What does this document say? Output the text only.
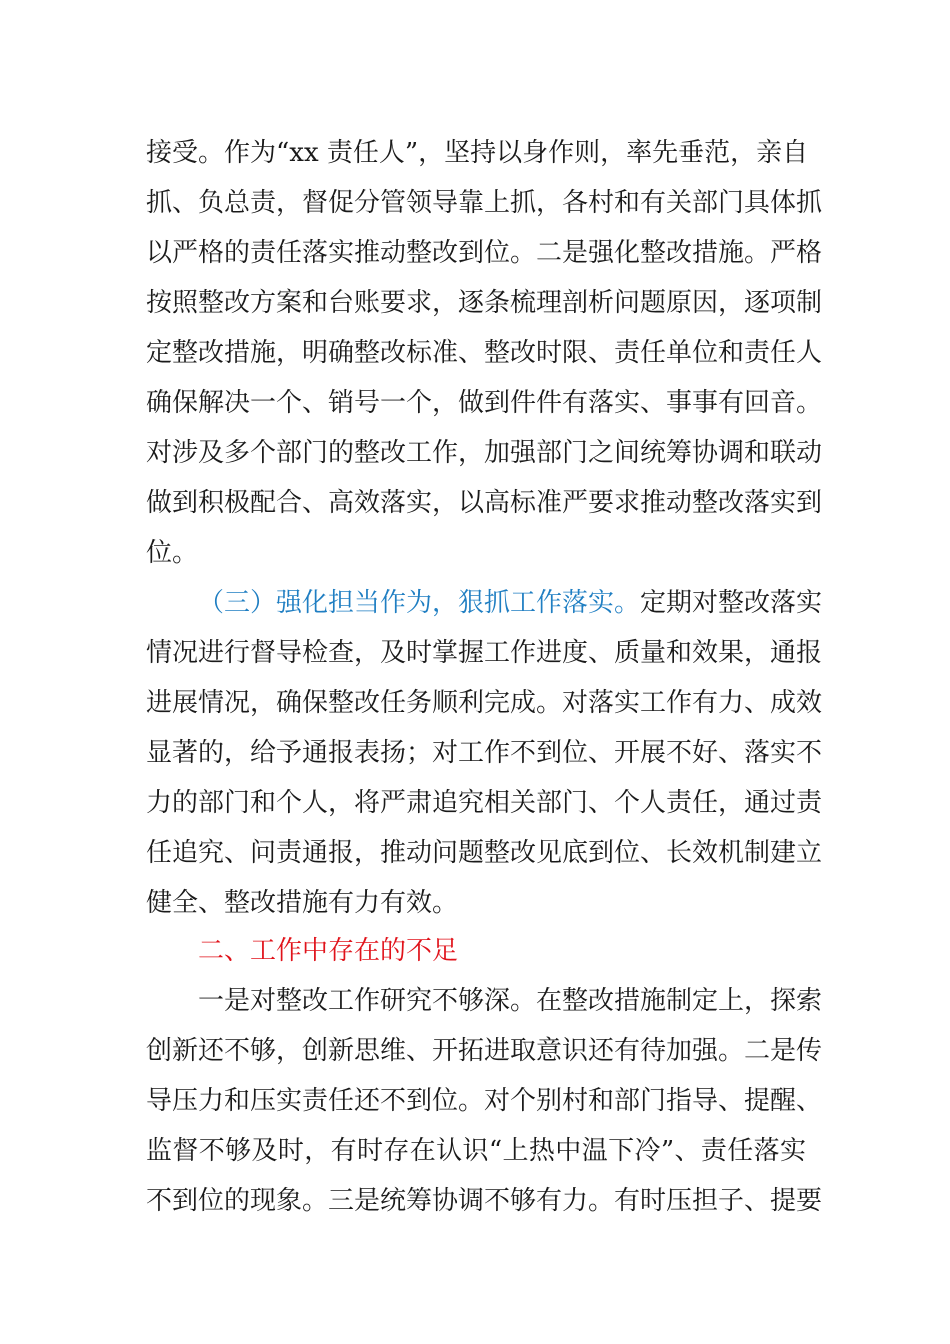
接受。作为“xx 责任人”，坚持以身作则，率先垂范，亲自
抓、负总责，督促分管领导靠上抓，各村和有关部门具体抓
以严格的责任落实推动整改到位。二是强化整改措施。严格
按照整改方案和台账要求，逐条梳理剖析问题原因，逐项制
定整改措施，明确整改标准、整改时限、责任单位和责任人
确保解决一个、销号一个，做到件件有落实、事事有回音。
对涉及多个部门的整改工作，加强部门之间统筹协调和联动
做到积极配合、高效落实，以高标准严要求推动整改落实到
位。
（三）强化担当作为，狠抓工作落实。定期对整改落实
情况进行督导检查，及时掌握工作进度、质量和效果，通报
进展情况，确保整改任务顺利完成。对落实工作有力、成效
显著的，给予通报表扬；对工作不到位、开展不好、落实不
力的部门和个人，将严肃追究相关部门、个人责任，通过责
任追究、问责通报，推动问题整改见底到位、长效机制建立
健全、整改措施有力有效。
二、工作中存在的不足
一是对整改工作研究不够深。在整改措施制定上，探索
创新还不够，创新思维、开拓进取意识还有待加强。二是传
导压力和压实责任还不到位。对个别村和部门指导、提醒、
监督不够及时，有时存在认识“上热中温下冷”、责任落实
不到位的现象。三是统筹协调不够有力。有时压担子、提要
